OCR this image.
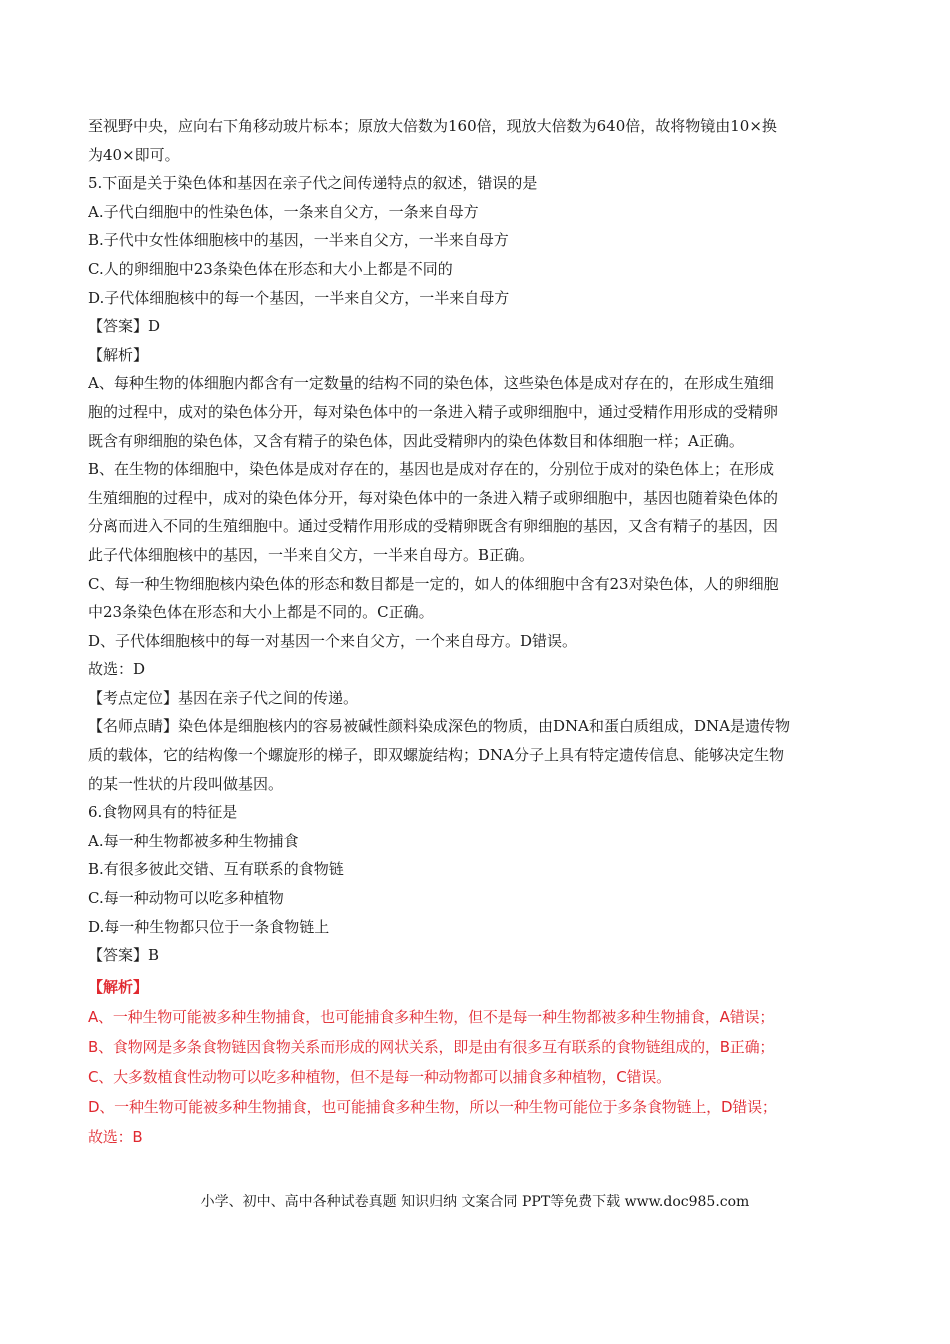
至视野中央，应向右下角移动玻片标本；原放大倍数为160倍，现放大倍数为640倍，故将物镜由10×换
为40×即可。
5.下面是关于染色体和基因在亲子代之间传递特点的叙述，错误的是
A.子代白细胞中的性染色体，一条来自父方，一条来自母方
B.子代中女性体细胞核中的基因，一半来自父方，一半来自母方
C.人的卵细胞中23条染色体在形态和大小上都是不同的
D.子代体细胞核中的每一个基因，一半来自父方，一半来自母方
【答案】D
【解析】
A、每种生物的体细胞内都含有一定数量的结构不同的染色体，这些染色体是成对存在的，在形成生殖细
胞的过程中，成对的染色体分开，每对染色体中的一条进入精子或卵细胞中，通过受精作用形成的受精卵
既含有卵细胞的染色体，又含有精子的染色体，因此受精卵内的染色体数目和体细胞一样；A正确。
B、在生物的体细胞中，染色体是成对存在的，基因也是成对存在的，分别位于成对的染色体上；在形成
生殖细胞的过程中，成对的染色体分开，每对染色体中的一条进入精子或卵细胞中，基因也随着染色体的
分离而进入不同的生殖细胞中。通过受精作用形成的受精卵既含有卵细胞的基因，又含有精子的基因，因
此子代体细胞核中的基因，一半来自父方，一半来自母方。B正确。
C、每一种生物细胞核内染色体的形态和数目都是一定的，如人的体细胞中含有23对染色体，人的卵细胞
中23条染色体在形态和大小上都是不同的。C正确。
D、子代体细胞核中的每一对基因一个来自父方，一个来自母方。D错误。
故选：D
【考点定位】基因在亲子代之间的传递。
【名师点睛】染色体是细胞核内的容易被碱性颜料染成深色的物质，由DNA和蛋白质组成，DNA是遗传物
质的载体，它的结构像一个螺旋形的梯子，即双螺旋结构；DNA分子上具有特定遗传信息、能够决定生物
的某一性状的片段叫做基因。
6.食物网具有的特征是
A.每一种生物都被多种生物捕食
B.有很多彼此交错、互有联系的食物链
C.每一种动物可以吃多种植物
D.每一种生物都只位于一条食物链上
【答案】B
【解析】
A、一种生物可能被多种生物捕食，也可能捕食多种生物，但不是每一种生物都被多种生物捕食，A错误；
B、食物网是多条食物链因食物关系而形成的网状关系，即是由有很多互有联系的食物链组成的，B正确；
C、大多数植食性动物可以吃多种植物，但不是每一种动物都可以捕食多种植物，C错误。
D、一种生物可能被多种生物捕食，也可能捕食多种生物，所以一种生物可能位于多条食物链上，D错误；
故选：B
小学、初中、高中各种试卷真题 知识归纳 文案合同 PPT等免费下载 www.doc985.com
